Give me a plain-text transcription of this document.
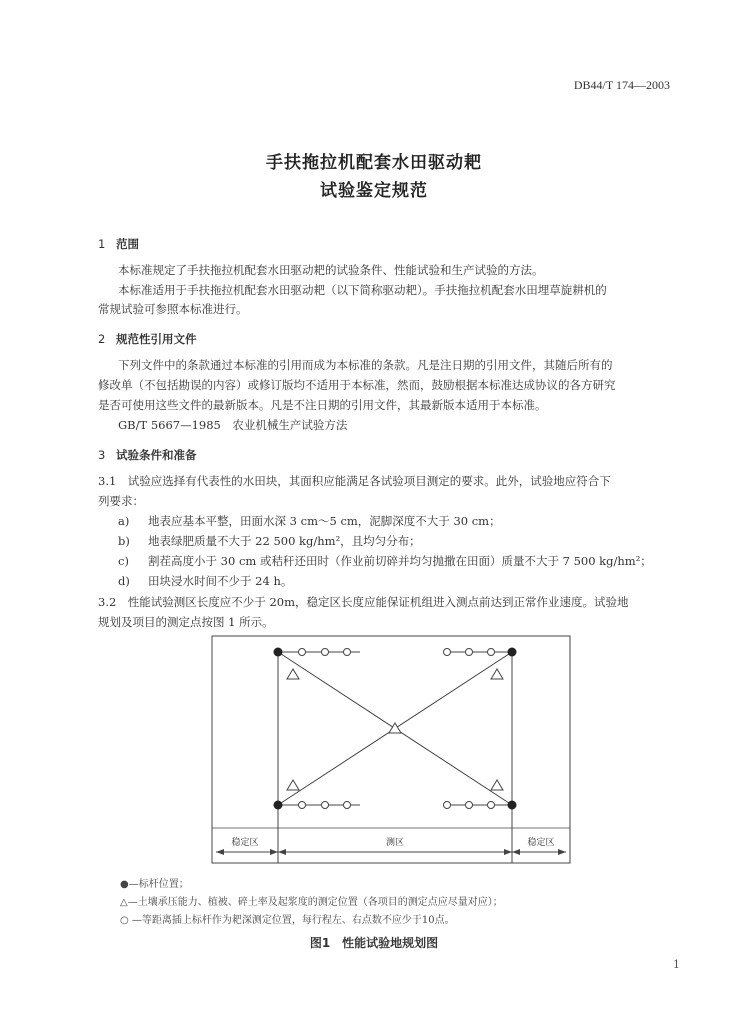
DB44/T 174—2003
手扶拖拉机配套水田驱动耙
试验鉴定规范
1 范围
本标准规定了手扶拖拉机配套水田驱动耙的试验条件、性能试验和生产试验的方法。
本标准适用于手扶拖拉机配套水田驱动耙（以下简称驱动耙）。手扶拖拉机配套水田埋草旋耕机的
常规试验可参照本标准进行。
2 规范性引用文件
下列文件中的条款通过本标准的引用而成为本标准的条款。凡是注日期的引用文件，其随后所有的
修改单（不包括勘误的内容）或修订版均不适用于本标准，然而，鼓励根据本标准达成协议的各方研究
是否可使用这些文件的最新版本。凡是不注日期的引用文件，其最新版本适用于本标准。
GB/T 5667—1985　农业机械生产试验方法
3 试验条件和准备
3.1　试验应选择有代表性的水田块，其面积应能满足各试验项目测定的要求。此外，试验地应符合下
列要求：
a) 地表应基本平整，田面水深 3 cm～5 cm，泥脚深度不大于 30 cm；
b) 地表绿肥质量不大于 22 500 kg/hm²，且均匀分布；
c) 割茬高度小于 30 cm 或秸秆还田时（作业前切碎并均匀抛撒在田面）质量不大于 7 500 kg/hm²；
d) 田块浸水时间不少于 24 h。
3.2　性能试验测区长度应不少于 20m，稳定区长度应能保证机组进入测点前达到正常作业速度。试验地
规划及项目的测定点按图 1 所示。
稳定区	测区	稳定区
●—标杆位置；
△—土壤承压能力、植被、碎土率及起浆度的测定位置（各项目的测定点应尽量对应）；
○ —等距离插上标杆作为耙深测定位置，每行程左、右点数不应少于10点。
图1　性能试验地规划图
1
